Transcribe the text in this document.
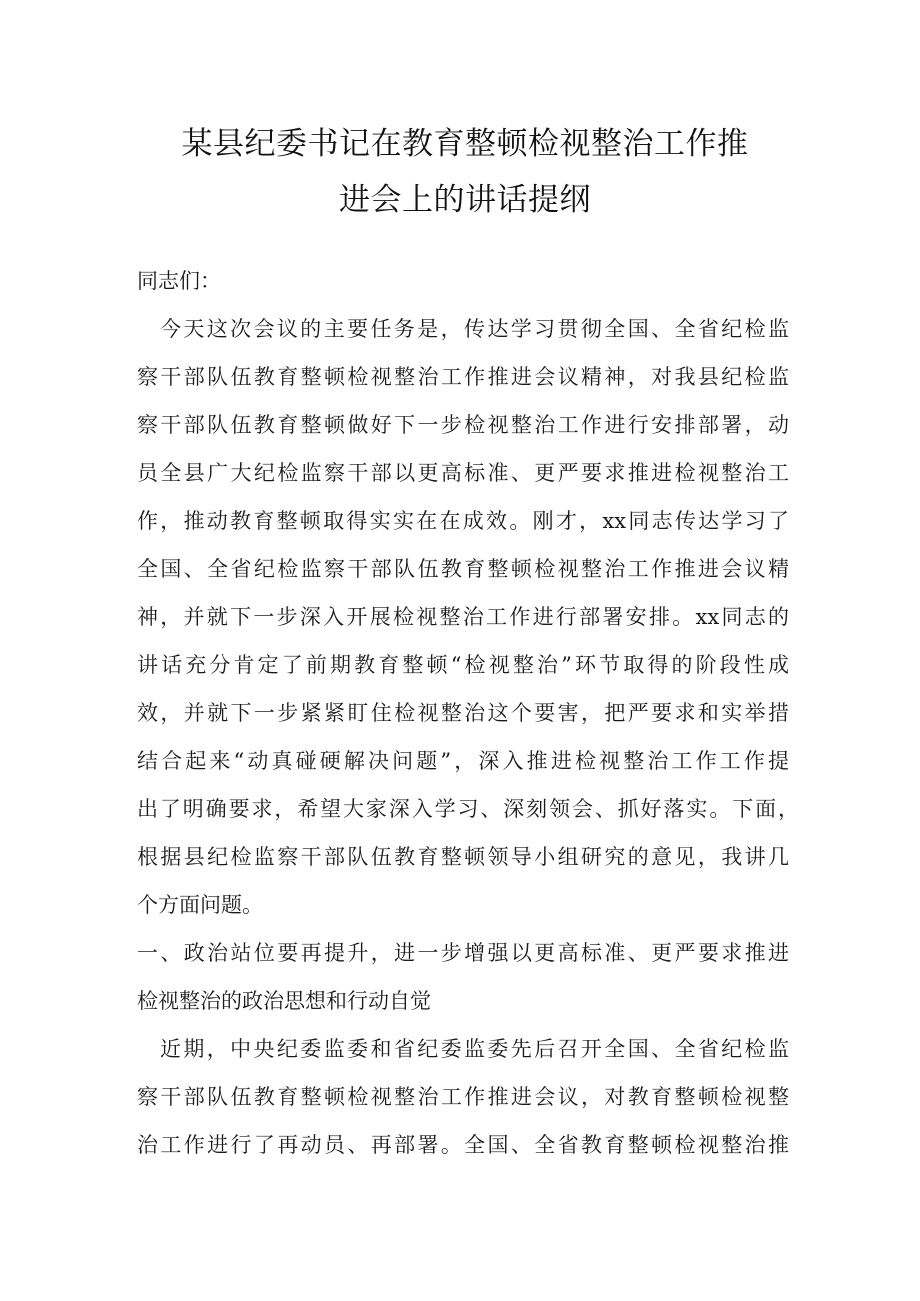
某县纪委书记在教育整顿检视整治工作推
进会上的讲话提纲
同志们：
今天这次会议的主要任务是，传达学习贯彻全国、全省纪检监
察干部队伍教育整顿检视整治工作推进会议精神，对我县纪检监
察干部队伍教育整顿做好下一步检视整治工作进行安排部署，动
员全县广大纪检监察干部以更高标准、更严要求推进检视整治工
作，推动教育整顿取得实实在在成效。刚才，xx同志传达学习了
全国、全省纪检监察干部队伍教育整顿检视整治工作推进会议精
神，并就下一步深入开展检视整治工作进行部署安排。xx同志的
讲话充分肯定了前期教育整顿“检视整治”环节取得的阶段性成
效，并就下一步紧紧盯住检视整治这个要害，把严要求和实举措
结合起来“动真碰硬解决问题”，深入推进检视整治工作工作提
出了明确要求，希望大家深入学习、深刻领会、抓好落实。下面，
根据县纪检监察干部队伍教育整顿领导小组研究的意见，我讲几
个方面问题。
一、政治站位要再提升，进一步增强以更高标准、更严要求推进
检视整治的政治思想和行动自觉
近期，中央纪委监委和省纪委监委先后召开全国、全省纪检监
察干部队伍教育整顿检视整治工作推进会议，对教育整顿检视整
治工作进行了再动员、再部署。全国、全省教育整顿检视整治推
